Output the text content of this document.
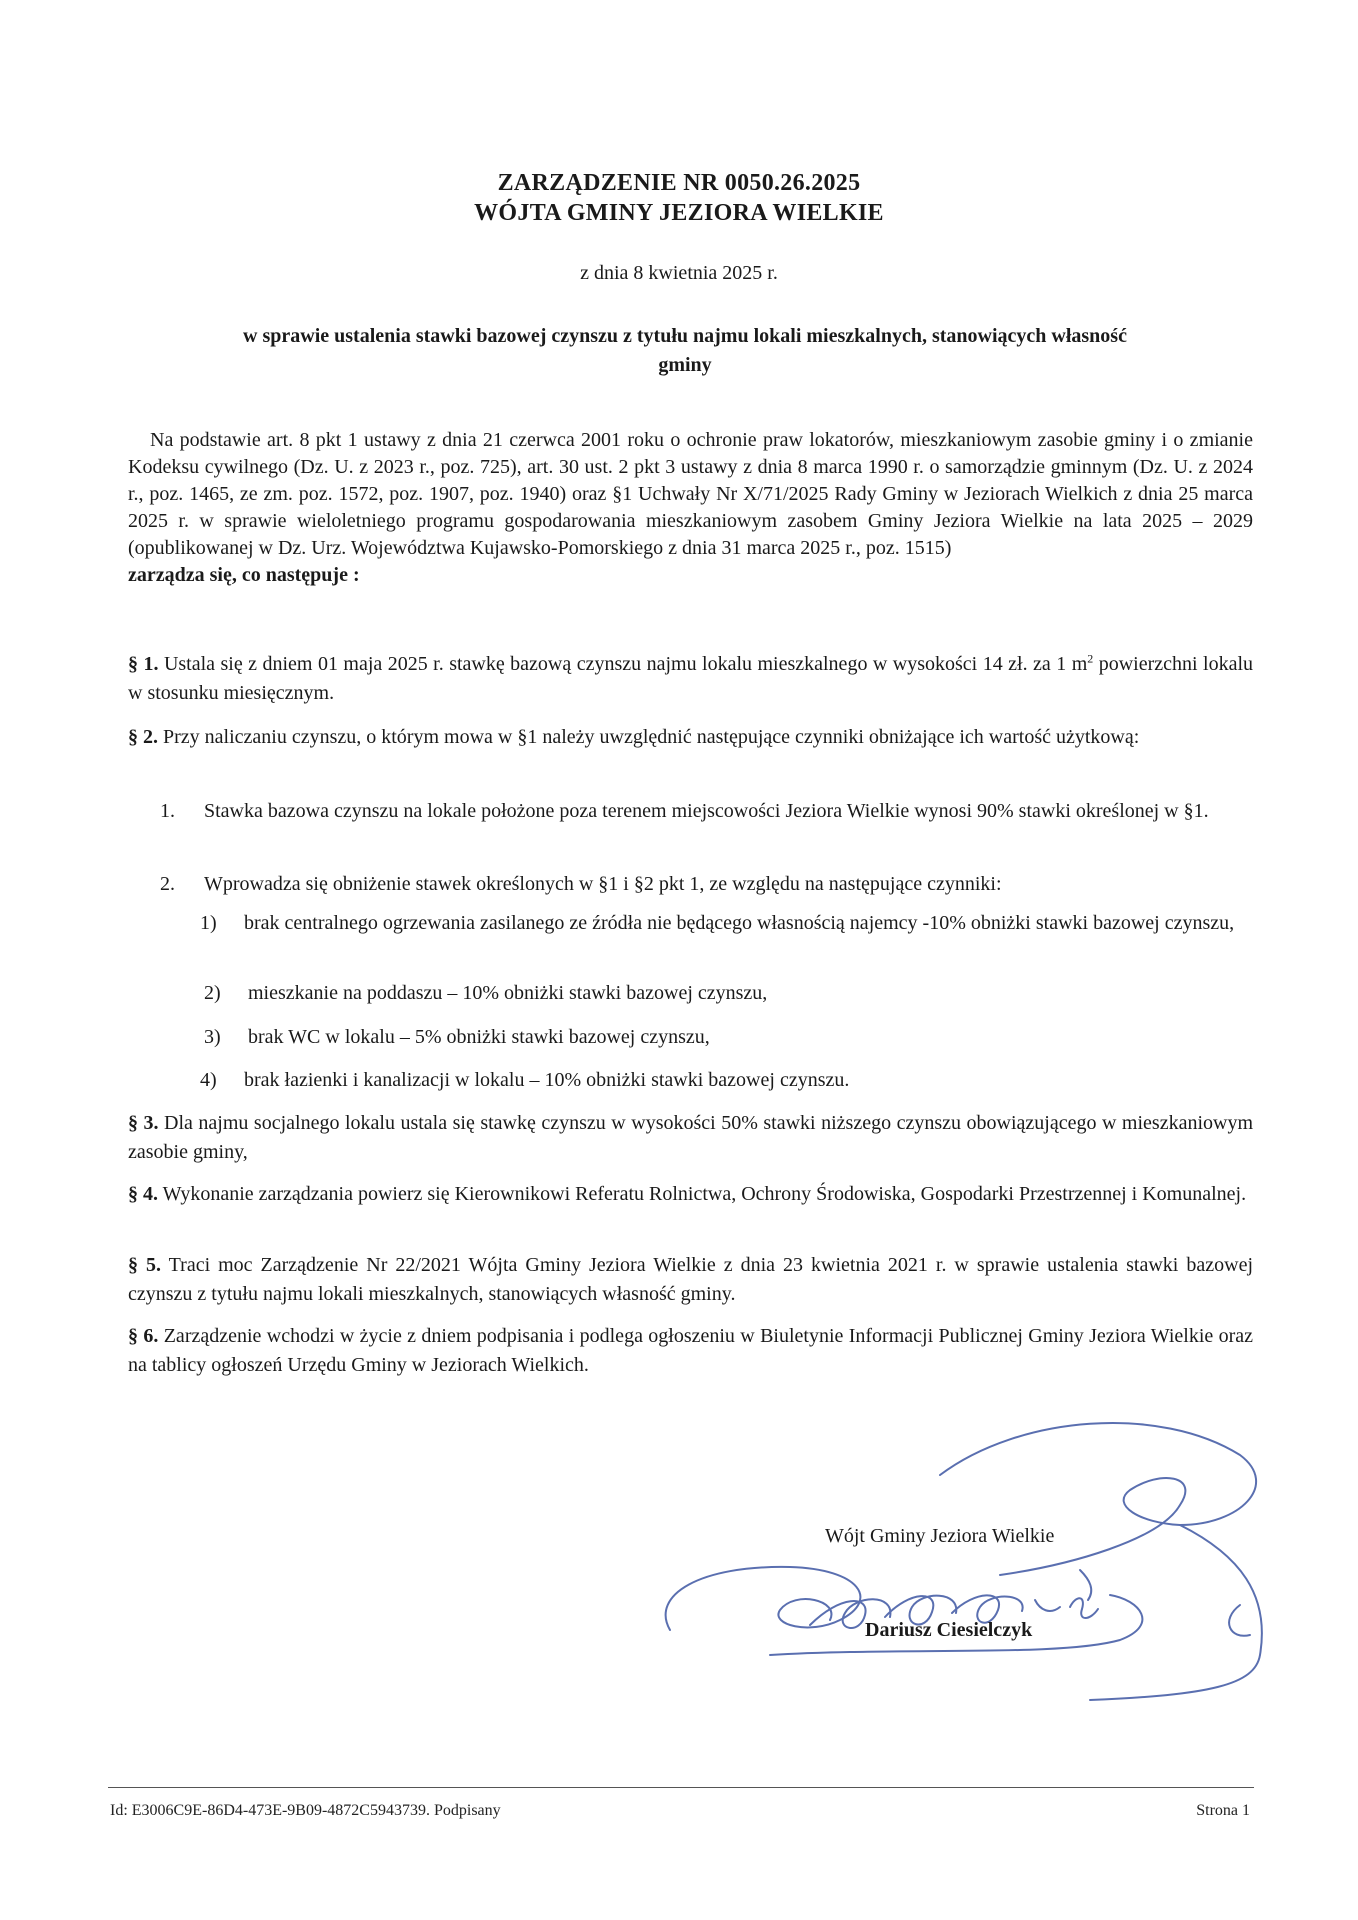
ZARZĄDZENIE NR 0050.26.2025
WÓJTA GMINY JEZIORA WIELKIE
z dnia 8 kwietnia 2025 r.
w sprawie ustalenia stawki bazowej czynszu z tytułu najmu lokali mieszkalnych, stanowiących własność
gminy

Na podstawie art. 8 pkt 1 ustawy z dnia 21 czerwca 2001 roku o ochronie praw lokatorów, mieszkaniowym zasobie gminy i o zmianie Kodeksu cywilnego (Dz. U. z 2023 r., poz. 725), art. 30 ust. 2 pkt 3 ustawy z dnia 8 marca 1990 r. o samorządzie gminnym (Dz. U. z 2024 r., poz. 1465, ze zm. poz. 1572, poz. 1907, poz. 1940) oraz §1 Uchwały Nr X/71/2025 Rady Gminy w Jeziorach Wielkich z dnia 25 marca 2025 r. w sprawie wieloletniego programu gospodarowania mieszkaniowym zasobem Gminy Jeziora Wielkie na lata 2025 – 2029 (opublikowanej w Dz. Urz. Województwa Kujawsko-Pomorskiego z dnia 31 marca 2025 r., poz. 1515)

zarządza się, co następuje :

§ 1. Ustala się z dniem 01 maja 2025 r. stawkę bazową czynszu najmu lokalu mieszkalnego w wysokości 14 zł. za 1 $m^2$ powierzchni lokalu w stosunku miesięcznym.
§ 2. Przy naliczaniu czynszu, o którym mowa w §1 należy uwzględnić następujące czynniki obniżające ich wartość użytkową:
1. Stawka bazowa czynszu na lokale położone poza terenem miejscowości Jeziora Wielkie wynosi 90% stawki określonej w §1.
2. Wprowadza się obniżenie stawek określonych w §1 i §2 pkt 1, ze względu na następujące czynniki:
1) brak centralnego ogrzewania zasilanego ze źródła nie będącego własnością najemcy -10% obniżki stawki bazowej czynszu,
2) mieszkanie na poddaszu – 10% obniżki stawki bazowej czynszu,
3) brak WC w lokalu – 5% obniżki stawki bazowej czynszu,
4) brak łazienki i kanalizacji w lokalu – 10% obniżki stawki bazowej czynszu.
§ 3. Dla najmu socjalnego lokalu ustala się stawkę czynszu w wysokości 50% stawki niższego czynszu obowiązującego w mieszkaniowym zasobie gminy,
§ 4. Wykonanie zarządzania powierz się Kierownikowi Referatu Rolnictwa, Ochrony Środowiska, Gospodarki Przestrzennej i Komunalnej.
§ 5. Traci moc Zarządzenie Nr 22/2021 Wójta Gminy Jeziora Wielkie z dnia 23 kwietnia 2021 r. w sprawie ustalenia stawki bazowej czynszu z tytułu najmu lokali mieszkalnych, stanowiących własność gminy.
§ 6. Zarządzenie wchodzi w życie z dniem podpisania i podlega ogłoszeniu w Biuletynie Informacji Publicznej Gminy Jeziora Wielkie oraz na tablicy ogłoszeń Urzędu Gminy w Jeziorach Wielkich.
Wójt Gminy Jeziora Wielkie
Dariusz Ciesielczyk
Id: E3006C9E-86D4-473E-9B09-4872C5943739. Podpisany	Strona 1
